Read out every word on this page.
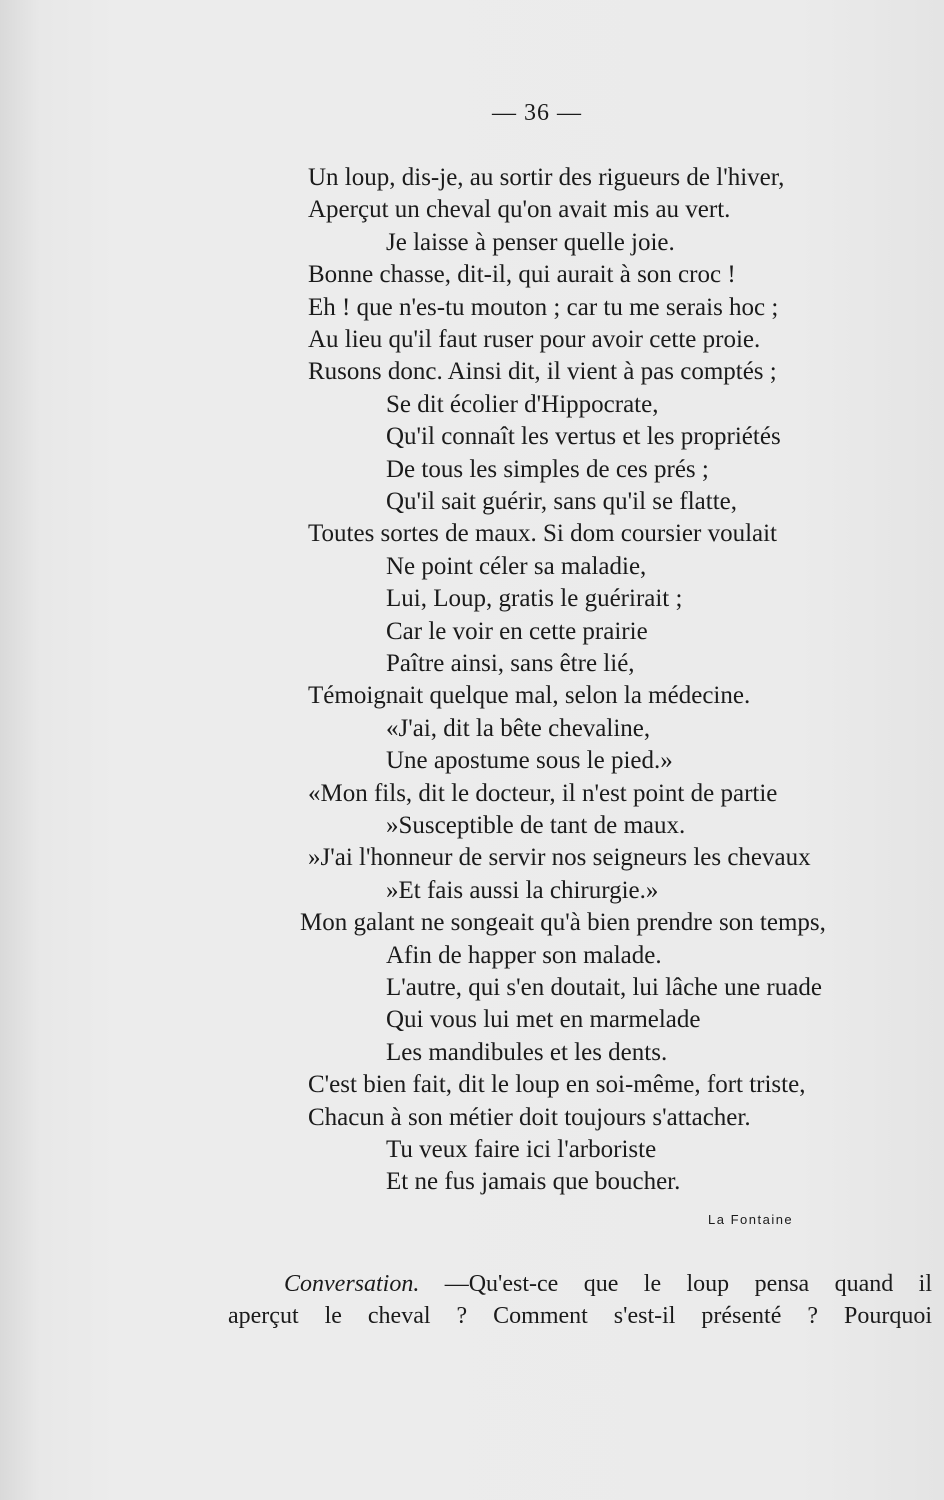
— 36 —
Un loup, dis-je, au sortir des rigueurs de l'hiver,
Aperçut un cheval qu'on avait mis au vert.
Je laisse à penser quelle joie.
Bonne chasse, dit-il, qui aurait à son croc !
Eh ! que n'es-tu mouton ; car tu me serais hoc ;
Au lieu qu'il faut ruser pour avoir cette proie.
Rusons donc. Ainsi dit, il vient à pas comptés ;
Se dit écolier d'Hippocrate,
Qu'il connaît les vertus et les propriétés
De tous les simples de ces prés ;
Qu'il sait guérir, sans qu'il se flatte,
Toutes sortes de maux. Si dom coursier voulait
Ne point céler sa maladie,
Lui, Loup, gratis le guérirait ;
Car le voir en cette prairie
Paître ainsi, sans être lié,
Témoignait quelque mal, selon la médecine.
«J'ai, dit la bête chevaline,
Une apostume sous le pied.»
«Mon fils, dit le docteur, il n'est point de partie
»Susceptible de tant de maux.
»J'ai l'honneur de servir nos seigneurs les chevaux
»Et fais aussi la chirurgie.»
Mon galant ne songeait qu'à bien prendre son temps,
Afin de happer son malade.
L'autre, qui s'en doutait, lui lâche une ruade
Qui vous lui met en marmelade
Les mandibules et les dents.
C'est bien fait, dit le loup en soi-même, fort triste,
Chacun à son métier doit toujours s'attacher.
Tu veux faire ici l'arboriste
Et ne fus jamais que boucher.
La Fontaine
Conversation. —Qu'est-ce que le loup pensa quand il
aperçut le cheval ? Comment s'est-il présenté ? Pourquoi
